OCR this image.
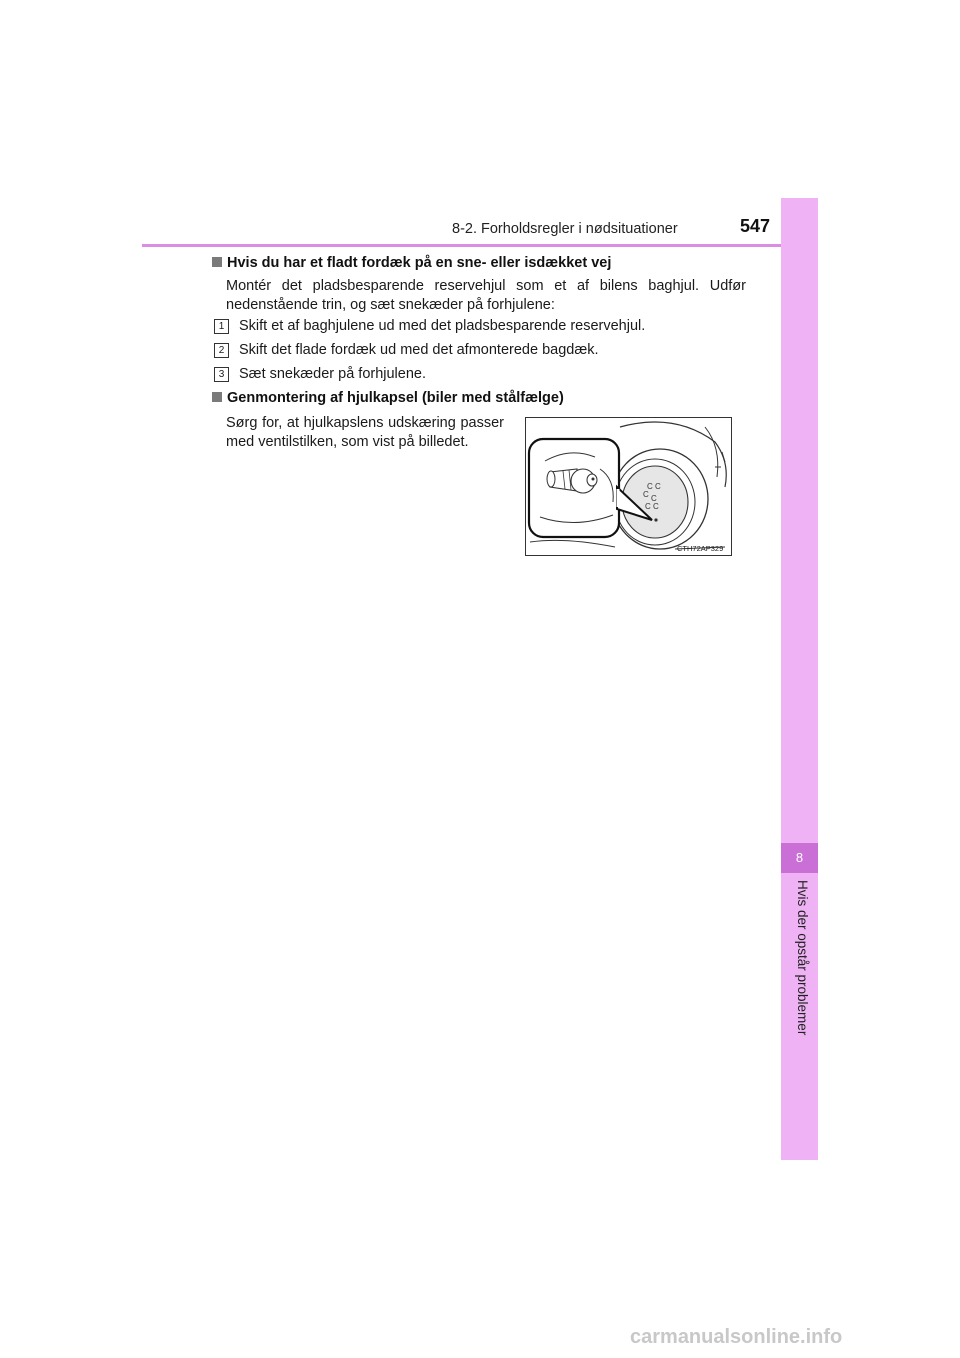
8-2. Forholdsregler i nødsituationer	547
8
Hvis der opstår problemer
Hvis du har et fladt fordæk på en sne- eller isdækket vej
Montér det pladsbesparende reservehjul som et af bilens baghjul. Udfør nedenstående trin, og sæt snekæder på forhjulene:
1 Skift et af baghjulene ud med det pladsbesparende reservehjul.
2 Skift det flade fordæk ud med det afmonterede bagdæk.
3 Sæt snekæder på forhjulene.
Genmontering af hjulkapsel (biler med stålfælge)
Sørg for, at hjulkapslens udskæring passer med ventilstilken, som vist på billedet.
C C
C C
C C
CTH72AP329
carmanualsonline.info
